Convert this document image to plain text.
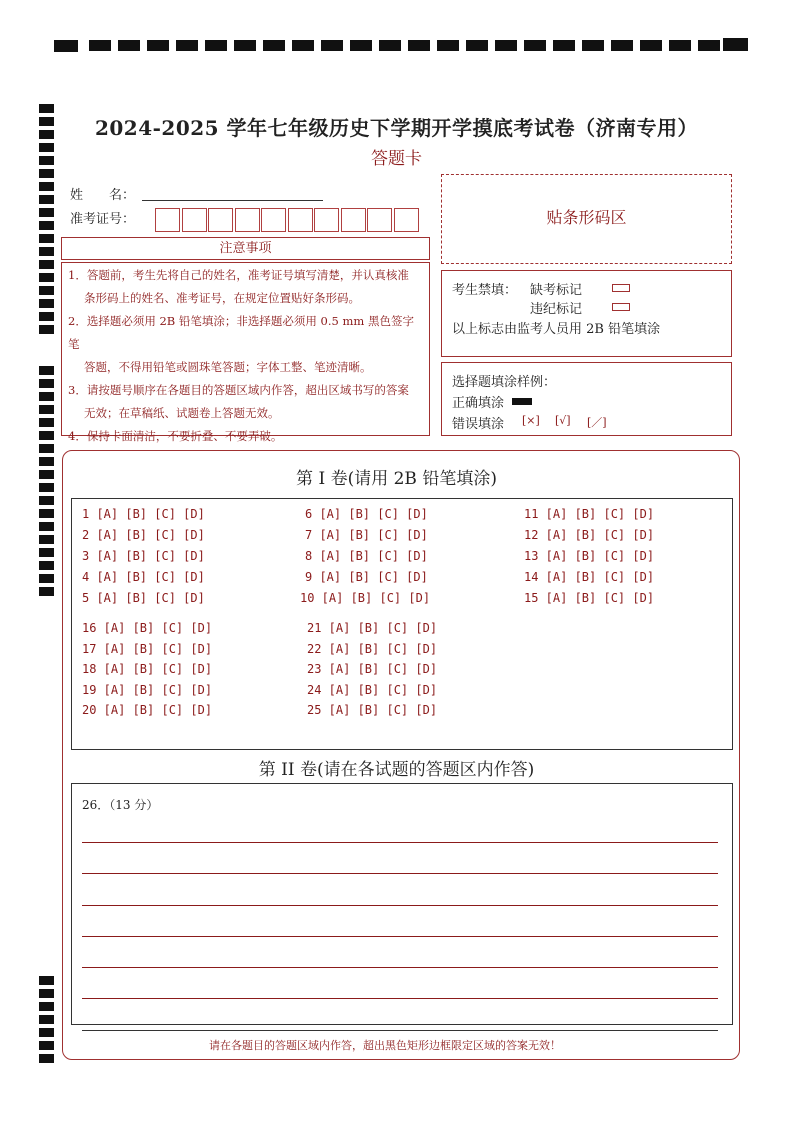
2024-2025 学年七年级历史下学期开学摸底考试卷（济南专用）
答题卡
姓　　名：
准考证号：	贴条形码区
注意事项

1．答题前，考生先将自己的姓名，准考证号填写清楚，并认真核准

条形码上的姓名、准考证号，在规定位置贴好条形码。

2．选择题必须用 2B 铅笔填涂；非选择题必须用 0.5 mm 黑色签字笔

答题，不得用铅笔或圆珠笔答题；字体工整、笔迹清晰。

3．请按题号顺序在各题目的答题区域内作答，超出区域书写的答案

无效；在草稿纸、试题卷上答题无效。

4．保持卡面清洁，不要折叠、不要弄破。

考生禁填： 缺考标记
违纪标记
以上标志由监考人员用 2B 铅笔填涂
选择题填涂样例：
正确填涂
错误填涂 [×] [√] [／]
第 I 卷(请用 2B 铅笔填涂)
1 [A] [B] [C] [D]
2 [A] [B] [C] [D]
3 [A] [B] [C] [D]
4 [A] [B] [C] [D]
5 [A] [B] [C] [D]
6 [A] [B] [C] [D]
7 [A] [B] [C] [D]
8 [A] [B] [C] [D]
9 [A] [B] [C] [D]
10 [A] [B] [C] [D]
11 [A] [B] [C] [D]
12 [A] [B] [C] [D]
13 [A] [B] [C] [D]
14 [A] [B] [C] [D]
15 [A] [B] [C] [D]
16 [A] [B] [C] [D]
17 [A] [B] [C] [D]
18 [A] [B] [C] [D]
19 [A] [B] [C] [D]
20 [A] [B] [C] [D]
21 [A] [B] [C] [D]
22 [A] [B] [C] [D]
23 [A] [B] [C] [D]
24 [A] [B] [C] [D]
25 [A] [B] [C] [D]
第 II 卷(请在各试题的答题区内作答)
26．（13 分）
请在各题目的答题区域内作答，超出黑色矩形边框限定区域的答案无效！
